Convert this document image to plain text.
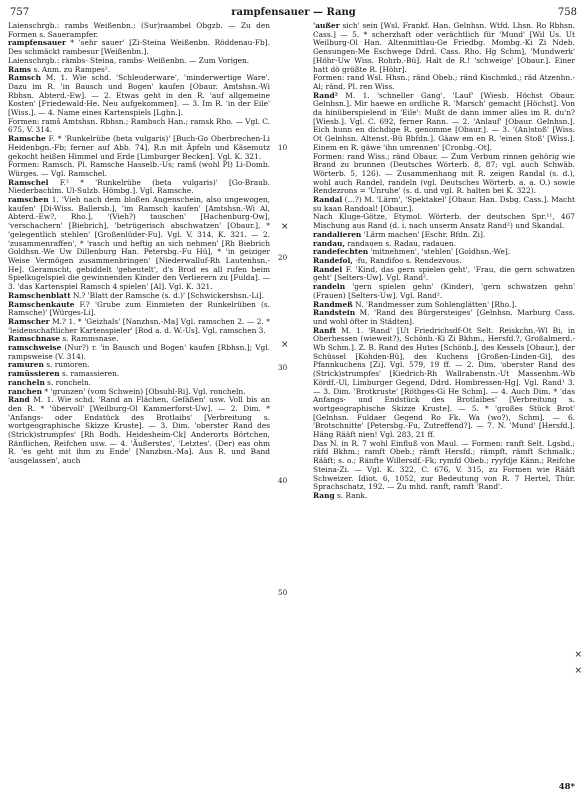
757	rampfensauer — Rang	758

Laienschrgb.: rambs Weißenbn.; (Sur)raambel Obgzb. — Zu den Formen s. Sauerampfer.

rampfensauer * 'sehr sauer' [Zi-Steina Weißenbn. Röddenau-Fb]. Des schmäckt rambesur [Weißenbn.].

Laienschrgb.: rämbs- Steina, rambs- Weißenbn. — Zum Vorigen.

Rams s. Anm. zu Rampes².

Ramsch M. 1. Wie schd. 'Schleuderware', 'minderwertige Ware'. Dazu im R. 'in Bausch und Bogen' kaufen [Obaur. Amtshsn.-Wi Rbhsn. Abterd.-Ew]. — 2. Etwas geht in den R. 'auf allgemeine Kosten' [Friedewald-He. Neu aufgekommen]. — 3. Im R. 'in der Eile' [Wiss.]. — 4. Name eines Kartenspiels [Lghn.].

Formen: ramš Amtshsn. Rbhsn.; Rambsch Han.; ramsk Rho. — Vgl. C. 675, V. 314.

Ramsche F. * 'Runkelrübe (beta vulgaris)' [Buch-Go Oberbrechen-Li Heidenbgn.-Fb; ferner auf Abb. 74]. R.n mit Äpfeln und Käsemutz gekocht heißen Himmel und Erde [Limburger Becken]. Vgl. K. 321.

Formen: Ramsch. Pl. Ramsche Hasselb.-Us; ramš (wohl Pl) Li-Domb. Würges. — Vgl. Ramschel.

Ramschel F.² * 'Runkelrübe (beta vulgaris)' [Go-Braub. Niederbachlm. Ul-Sulzb. Hömbg.]. Vgl. Ramsche.

ramschen 1. 'Vieh nach dem bloßen Augenschein, also ungewogen, kaufen' [Di-Wiss. Ballersb.], 'im Ramsch kaufen' [Amtshsn.-Wi Al, Abterd.-Ew?, Rho.], '(Vieh?) tauschen' [Hachenburg-Ow], 'verschachern' [Biebrich], 'betrügerisch abschwatzen' [Obaur.], * 'gelegentlich stehlen' [Großenlüder-Fu]. Vgl. V. 314, K. 321. — 2. 'zusammenraffen', * 'rasch und heftig an sich nehmen' [Rh Biebrich Goldhsn.-We Uw Dillenburg Han. Petersbg.-Fu Hü], * 'in geiziger Weise Vermögen zusammenbringen' [Niederwalluf-Rh Lautenhsn.-He]. Geramscht, gebiddelt 'geheutelt', d's Brod es all rufen beim Spielkugelspiel die gewinnenden Kinder den Verlierern zu [Fulda]. — 3. 'das Kartenspiel Ramsch 4 spielen' [Al]. Vgl. K. 321.

Ramschenblatt N.? 'Blatt der Ramsche (s. d.)' [Schwickershsn.-Li].

Ramschenkaute F.? 'Grube zum Einmieten der Runkelrüben (s. Ramsche)' [Würges-Li].

Ramscher M.? 1. * 'Geizhals' [Nanzhsn.-Ma] Vgl. ramschen 2. — 2. * 'leidenschaftlicher Kartenspieler' [Rod a. d. W.-Us]. Vgl. ramschen 3.

Ramschnase s. Rammsnase.

ramschweise (Nur?) r. 'in Bausch und Bogen' kaufen [Rbhsn.]; Vgl. rampsweise (V. 314).

ramuren s. rumoren.

ramüssieren s. ramassieren.

rancheln s. roncheln.

ranchen * 'grunzen' (vom Schwein) [Obsuhl-Ri]. Vgl. roncheln.

Rand M. 1. Wie schd. 'Rand an Flächen, Gefäßen' usw. Voll bis an den R. * 'übervoll' [Weilburg-Ol Kammerforst-Uw]. — 2. Dim. * 'Anfangs- oder Endstück des Brotlaibs' [Verbreitung s. wortgeographische Skizze Kruste]. — 3. Dim. 'oberster Rand des (Strick)strumpfes' [Rh Bodh. Heidesheim-Ck] Anderorts Börtchen, Ränflichen, Reifchen usw. — 4. 'Äußerstes', 'Letztes'. (Der) eas ohm R. 'es geht mit ihm zu Ende' [Nanzbsn.-Ma]. Aus R. und Band 'ausgelassen', auch

10
20
30
40
50
×
×
×
×

'außer sich' sein [Wsl. Frankf. Han. Gelnhsn. Wtfd. Lhsn. Ro Rbhsn. Cass.] — 5. * scherzhaft oder verächtlich für 'Mund' [Wil Us. Ut Weilburg-Ol Han. Altenmittlau-Ge Friedbg. Mombg.-Ki Zi Ndeb. Gensungen-Me Eschwege Ddrd. Cass. Rho. Hg Schm], 'Mundwerk' [Höhr-Uw Wiss. Rohrb.-Bü]. Halt de R.! 'schweige' [Obaur.]. Einer hatt dö größte R. [Höhr].

Formen: rand Wsl. Hhsn.; ränd Obeb.; ränd Kischmkd.; räd Atzenhn.-Al; ränd, Pl. ren Wiss.

Rand² M. 1. 'schneller Gang', 'Lauf' [Wiesb. Höchst Obaur. Gelnhsn.]. Mir haewe en ordliche R. 'Marsch' gemacht [Höchst]. Von da hinüberspielend in 'Eile': Mußt de dann immer alles im R. du'n? [Wiesb.]. Vgl. C. 692, ferner Rann. — 2. 'Anlauf' [Obaur. Gelnhsn.]. Eich hunn en dichdige R. genomme [Obaur.]. — 3. '(An)stoß' [Wiss. Ot Gelnhsn. Altenst.-Bü Bbfdn.]. Gäaw em en R. 'einen Stoß' [Wiss.]. Einem en R. gäwe 'ihn umrennen' [Cronbg.-Ot].

Formen: rand Wiss.; ränd Obaur. — Zum Verbum rinnen gehörig wie Brand zu brunnen (Deutsches Wörterb. 8, 87; vgl. auch Schwäb. Wörterb. 5, 126). — Zusammenhang mit R. zeigen Randal (s. d.), wohl auch Randel, randeln (vgl. Deutsches Wörterb. a. a. O.) sowie Rendezrons = 'Unruhe' (s. d. und vgl. R. halten bei K. 322).

Randal (…?) M. 'Lärm', 'Spektakel' [Obaur. Han. Dsbg. Cass.]. Macht su kaan Randoal! [Obaur.].

Nach Kluge-Götze, Etymol. Wörterb. der deutschen Spr.¹¹, 467 Mischung aus Rand (d. i. nach unserm Ansatz Rand²) und Skandal.

randalieren 'Lärm machen' [Eschr. Bfdn. Zi].

randau, randauen s. Radau, radauen.

randefechten 'mitnehmen', 'stehlen' [Goldhsn.-We].

Randefol, ‑fu, Randifoo s. Rendezvous.

Randel F. 'Kind, das gern spielen geht', 'Frau, die gern schwatzen geht' [Selters-Uw]. Vgl. Rand².

randeln 'gern spielen gehn' (Kinder), 'gern schwatzen gehn' (Frauen) [Selters-Uw]. Vgl. Rand².

Randmeß N. 'Randmesser zum Sohlenglätten' [Rho.].

Randstein M. 'Rand des Bürgersteiges' [Gelnhsn. Marburg Cass. und wohl öfter in Städten].

Ranft M. 1. 'Rand' [Ut Friedrichsdf-Ot Selt. Reiskchn.-Wl Bi, in Oberhessen (wieweit?), Schönb.-Ki Zi Bkhm., Hersfd.?, Großalmerd.-Wb Schm.]. Z. B. Rand des Hutes [Schönb.], des Kessels [Obaur.], der Schüssel [Kohden-Bü], des Kuchens [Großen-Linden-Gi], des Pfannkuchens [Zi]. Vgl. 579, 19 ff. — 2. Dim. 'oberster Rand des (Strick)strumpfes' [Kiedrich-Rh Wallrabenstn.-Ut Massenhm.-Wb Kördf.-Ul, Limburger Gegend, Ddrd. Hombressen-Hg]. Vgl. Rand¹ 3. — 3. Dim. 'Brotkruste' [Röthges-Gi He Schm]. — 4. Auch Dim. * 'das Anfangs- und Endstück des Brotlaibes' [Verbreitung s. wortgeographische Skizze Kruste]. — 5. * 'großes Stück Brot' [Gelnhsn. Fuldaer Gegend Ro Fk. Wa (wo?), Schm]. — 6. 'Brotschnitte' [Petersbg.-Fu, Zutreffend?]. — 7. N. 'Mund' [Hersfd.]. Häng Rääft nien! Vgl. 283, 21 ff.

Das N. in R. 7 wohl Einfluß von Maul. — Formen: ranft Selt. Lgsbd.; räfd Bkhm.; ramft Obeb.; rämft Hersfd.; rämpft, rämft Schmalk.; Rääft; s. o.; Ränfte Willersdf.-Fk; rymfd Obeb.; ryyfdje Känn.; Reifche Steina-Zi. — Vgl. K. 322, C. 676, V. 315, zu Formen wie Rääft Schweizer. Idiot. 6, 1052, zur Bedeutung von R. 7 Hertel, Thür. Sprachschatz, 192. — Zu mhd. ranft, ramft 'Rand'.

Rang s. Rank.

48*
